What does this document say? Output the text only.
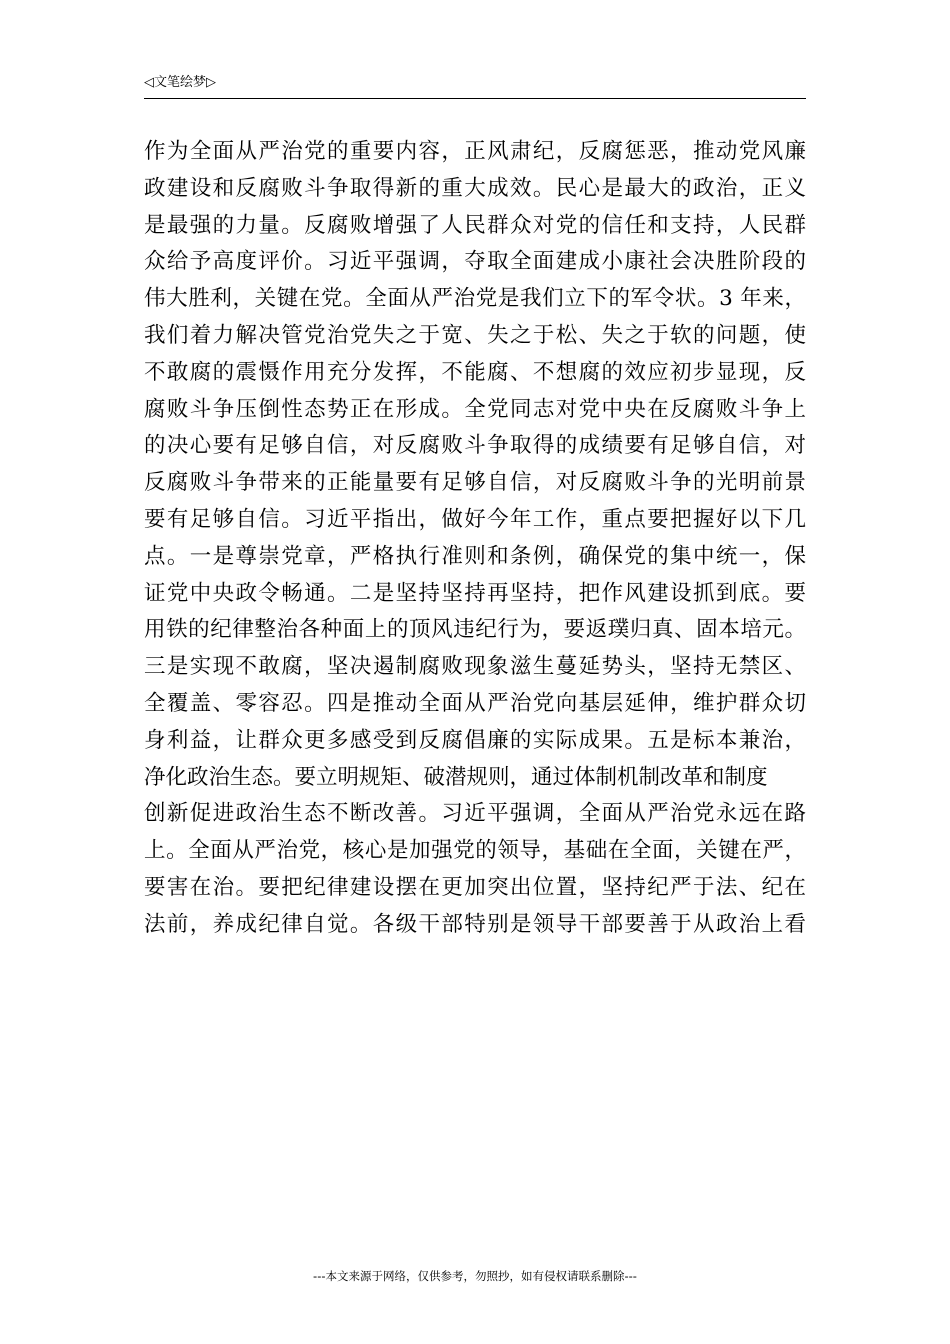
◁文笔绘梦▷
作为全面从严治党的重要内容，正风肃纪，反腐惩恶，推动党风廉
政建设和反腐败斗争取得新的重大成效。民心是最大的政治，正义
是最强的力量。反腐败增强了人民群众对党的信任和支持，人民群
众给予高度评价。习近平强调，夺取全面建成小康社会决胜阶段的
伟大胜利，关键在党。全面从严治党是我们立下的军令状。3 年来，
我们着力解决管党治党失之于宽、失之于松、失之于软的问题，使
不敢腐的震慑作用充分发挥，不能腐、不想腐的效应初步显现，反
腐败斗争压倒性态势正在形成。全党同志对党中央在反腐败斗争上
的决心要有足够自信，对反腐败斗争取得的成绩要有足够自信，对
反腐败斗争带来的正能量要有足够自信，对反腐败斗争的光明前景
要有足够自信。习近平指出，做好今年工作，重点要把握好以下几
点。一是尊崇党章，严格执行准则和条例，确保党的集中统一，保
证党中央政令畅通。二是坚持坚持再坚持，把作风建设抓到底。要
用铁的纪律整治各种面上的顶风违纪行为，要返璞归真、固本培元。
三是实现不敢腐，坚决遏制腐败现象滋生蔓延势头，坚持无禁区、
全覆盖、零容忍。四是推动全面从严治党向基层延伸，维护群众切
身利益，让群众更多感受到反腐倡廉的实际成果。五是标本兼治，
净化政治生态。要立明规矩、破潜规则，通过体制机制改革和制度
创新促进政治生态不断改善。习近平强调，全面从严治党永远在路
上。全面从严治党，核心是加强党的领导，基础在全面，关键在严，
要害在治。要把纪律建设摆在更加突出位置，坚持纪严于法、纪在
法前，养成纪律自觉。各级干部特别是领导干部要善于从政治上看
---本文来源于网络，仅供参考，勿照抄，如有侵权请联系删除---
